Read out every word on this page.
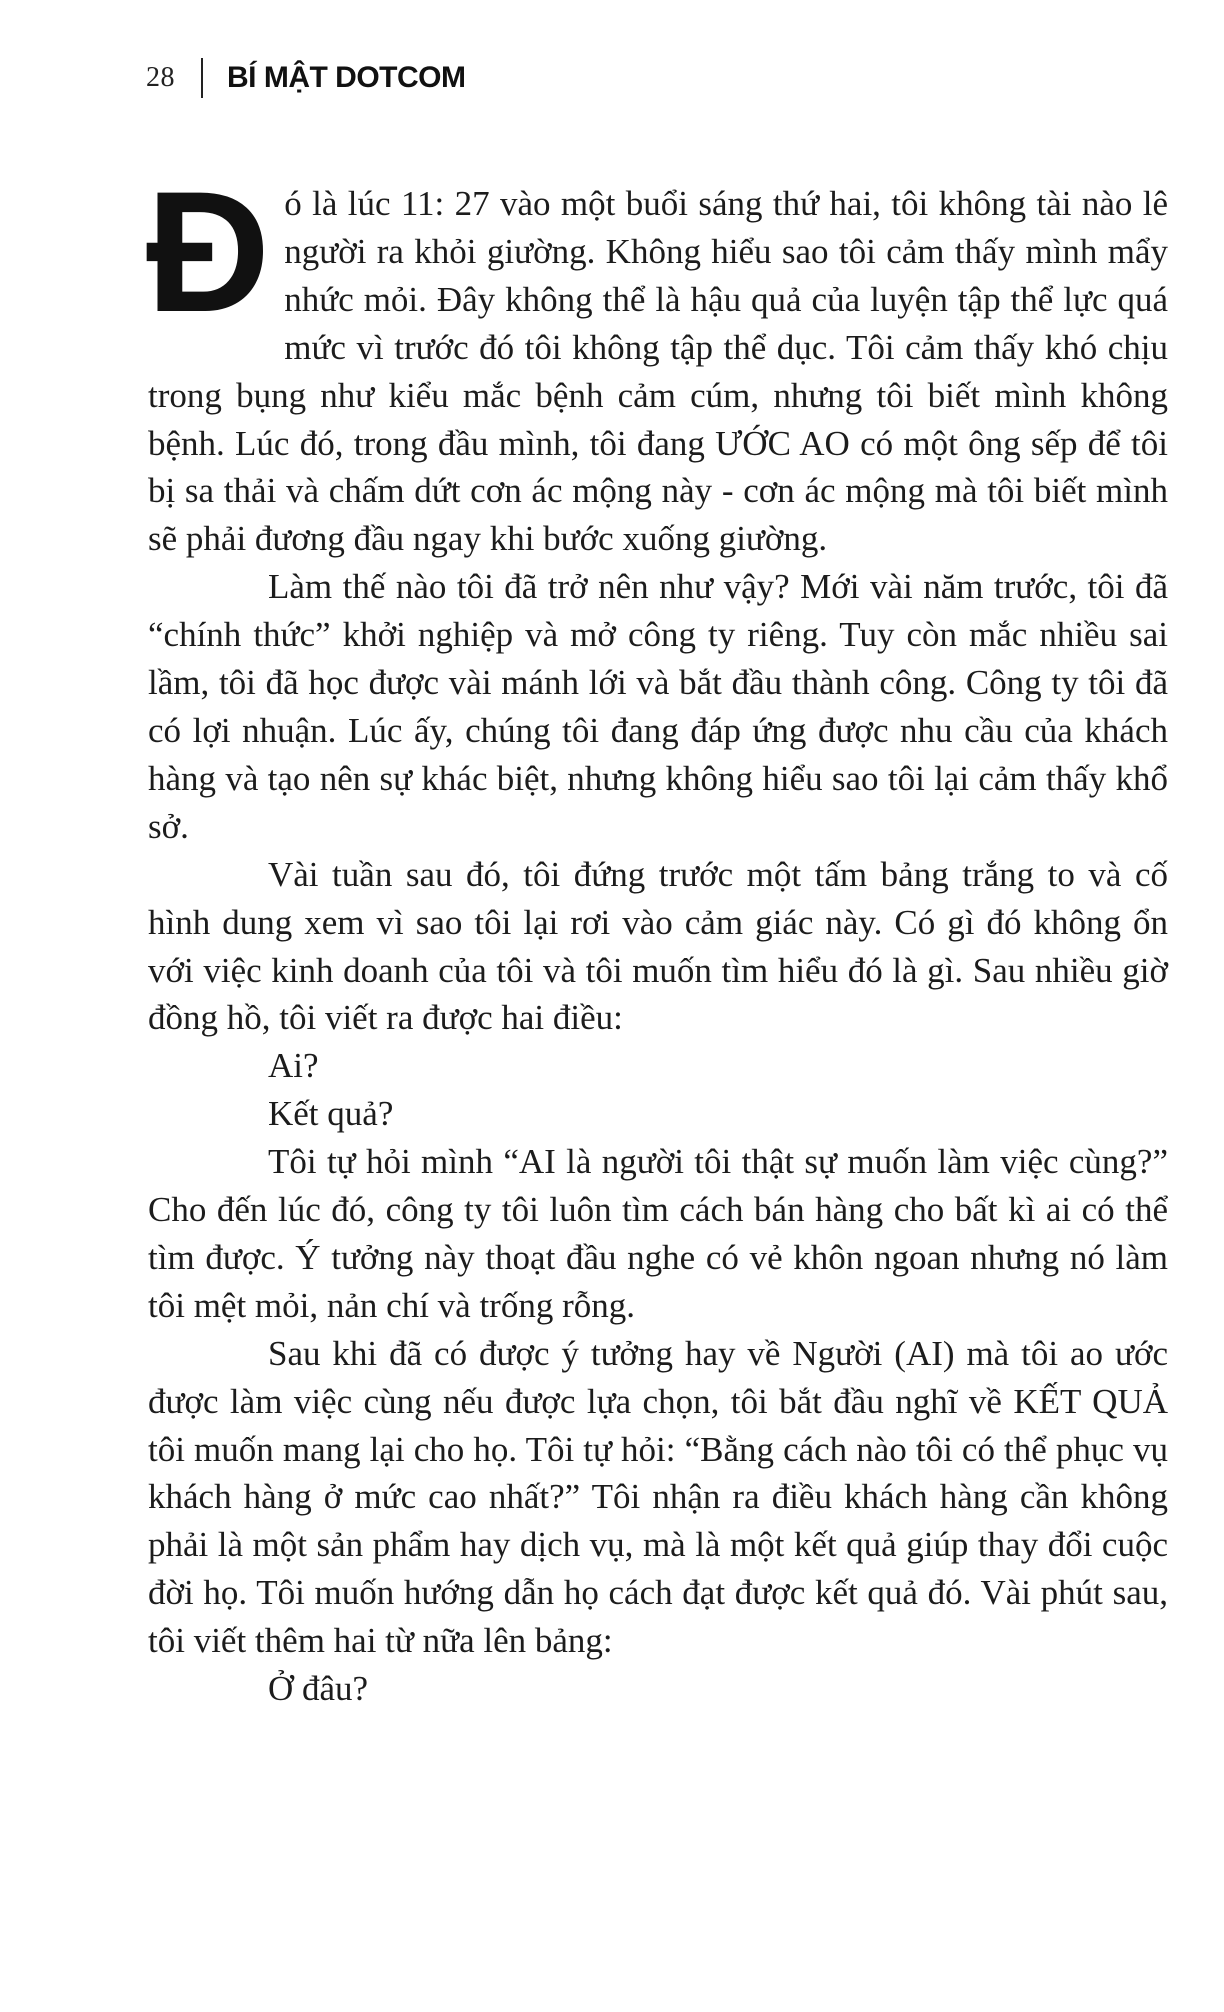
28 BÍ MẬT DOTCOM

Đó là lúc 11: 27 vào một buổi sáng thứ hai, tôi không tài nào lê người ra khỏi giường. Không hiểu sao tôi cảm thấy mình mẩy nhức mỏi. Đây không thể là hậu quả của luyện tập thể lực quá mức vì trước đó tôi không tập thể dục. Tôi cảm thấy khó chịu trong bụng như kiểu mắc bệnh cảm cúm, nhưng tôi biết mình không bệnh. Lúc đó, trong đầu mình, tôi đang ƯỚC AO có một ông sếp để tôi bị sa thải và chấm dứt cơn ác mộng này - cơn ác mộng mà tôi biết mình sẽ phải đương đầu ngay khi bước xuống giường.

Làm thế nào tôi đã trở nên như vậy? Mới vài năm trước, tôi đã “chính thức” khởi nghiệp và mở công ty riêng. Tuy còn mắc nhiều sai lầm, tôi đã học được vài mánh lới và bắt đầu thành công. Công ty tôi đã có lợi nhuận. Lúc ấy, chúng tôi đang đáp ứng được nhu cầu của khách hàng và tạo nên sự khác biệt, nhưng không hiểu sao tôi lại cảm thấy khổ sở.

Vài tuần sau đó, tôi đứng trước một tấm bảng trắng to và cố hình dung xem vì sao tôi lại rơi vào cảm giác này. Có gì đó không ổn với việc kinh doanh của tôi và tôi muốn tìm hiểu đó là gì. Sau nhiều giờ đồng hồ, tôi viết ra được hai điều:

Ai?

Kết quả?

Tôi tự hỏi mình “AI là người tôi thật sự muốn làm việc cùng?” Cho đến lúc đó, công ty tôi luôn tìm cách bán hàng cho bất kì ai có thể tìm được. Ý tưởng này thoạt đầu nghe có vẻ khôn ngoan nhưng nó làm tôi mệt mỏi, nản chí và trống rỗng.

Sau khi đã có được ý tưởng hay về Người (AI) mà tôi ao ước được làm việc cùng nếu được lựa chọn, tôi bắt đầu nghĩ về KẾT QUẢ tôi muốn mang lại cho họ. Tôi tự hỏi: “Bằng cách nào tôi có thể phục vụ khách hàng ở mức cao nhất?” Tôi nhận ra điều khách hàng cần không phải là một sản phẩm hay dịch vụ, mà là một kết quả giúp thay đổi cuộc đời họ. Tôi muốn hướng dẫn họ cách đạt được kết quả đó. Vài phút sau, tôi viết thêm hai từ nữa lên bảng:

Ở đâu?
